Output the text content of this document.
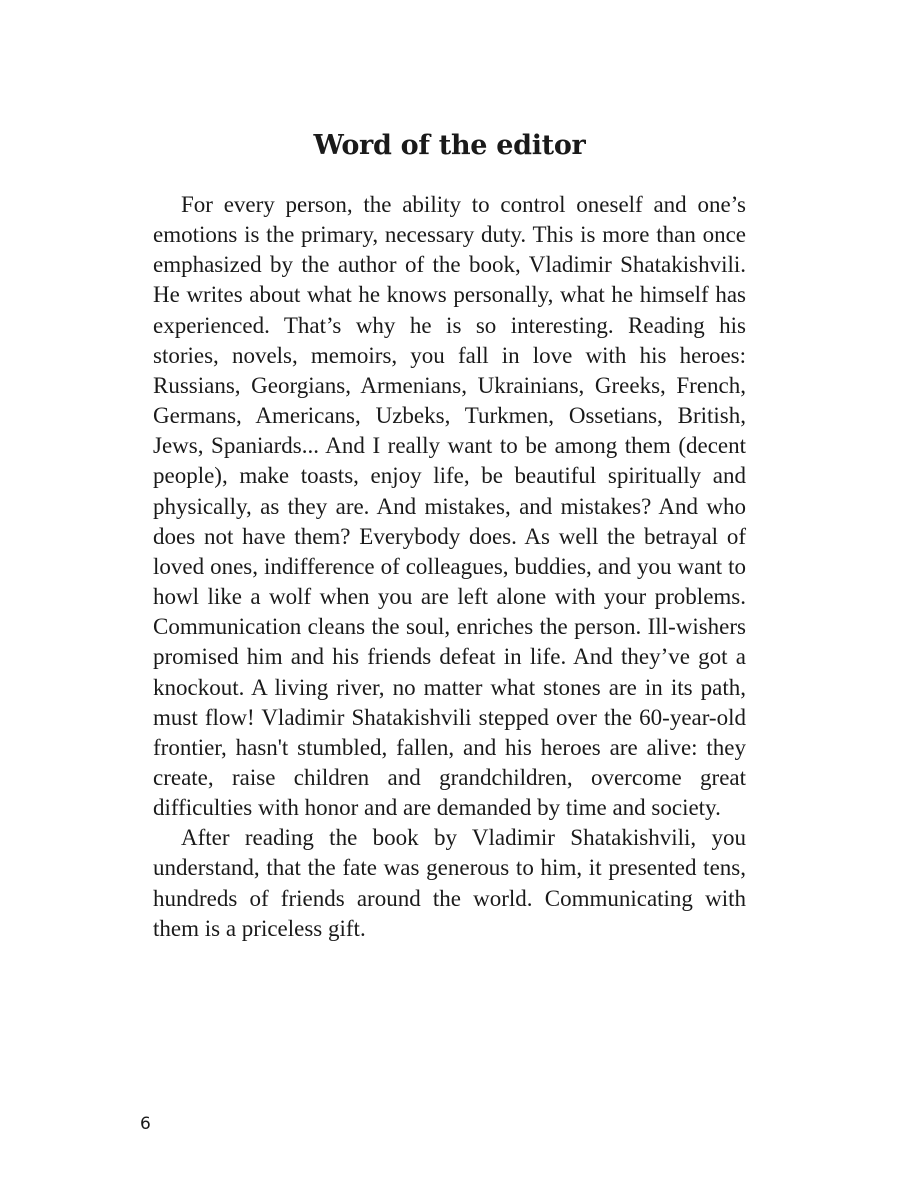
Word of the editor

For every person, the ability to control oneself and one’s emotions is the primary, necessary duty. This is more than once emphasized by the author of the book, Vladimir Shatakishvili. He writes about what he knows personally, what he himself has experienced. That’s why he is so interesting. Reading his stories, novels, memoirs, you fall in love with his heroes: Russians, Georgians, Armenians, Ukrainians, Greeks, French, Germans, Americans, Uzbeks, Turkmen, Ossetians, British, Jews, Spaniards... And I really want to be among them (decent people), make toasts, enjoy life, be beautiful spiritually and physically, as they are. And mistakes, and mistakes? And who does not have them? Everybody does. As well the betrayal of loved ones, indifference of colleagues, buddies, and you want to howl like a wolf when you are left alone with your problems. Communication cleans the soul, enriches the person. Ill-wishers promised him and his friends defeat in life. And they’ve got a knockout. A living river, no matter what stones are in its path, must flow! Vladimir Shatakishvili stepped over the 60-year-old frontier, hasn't stumbled, fallen, and his heroes are alive: they create, raise children and grandchildren, overcome great difficulties with honor and are demanded by time and society.

After reading the book by Vladimir Shatakishvili, you understand, that the fate was generous to him, it presented tens, hundreds of friends around the world. Communicating with them is a priceless gift.

6
